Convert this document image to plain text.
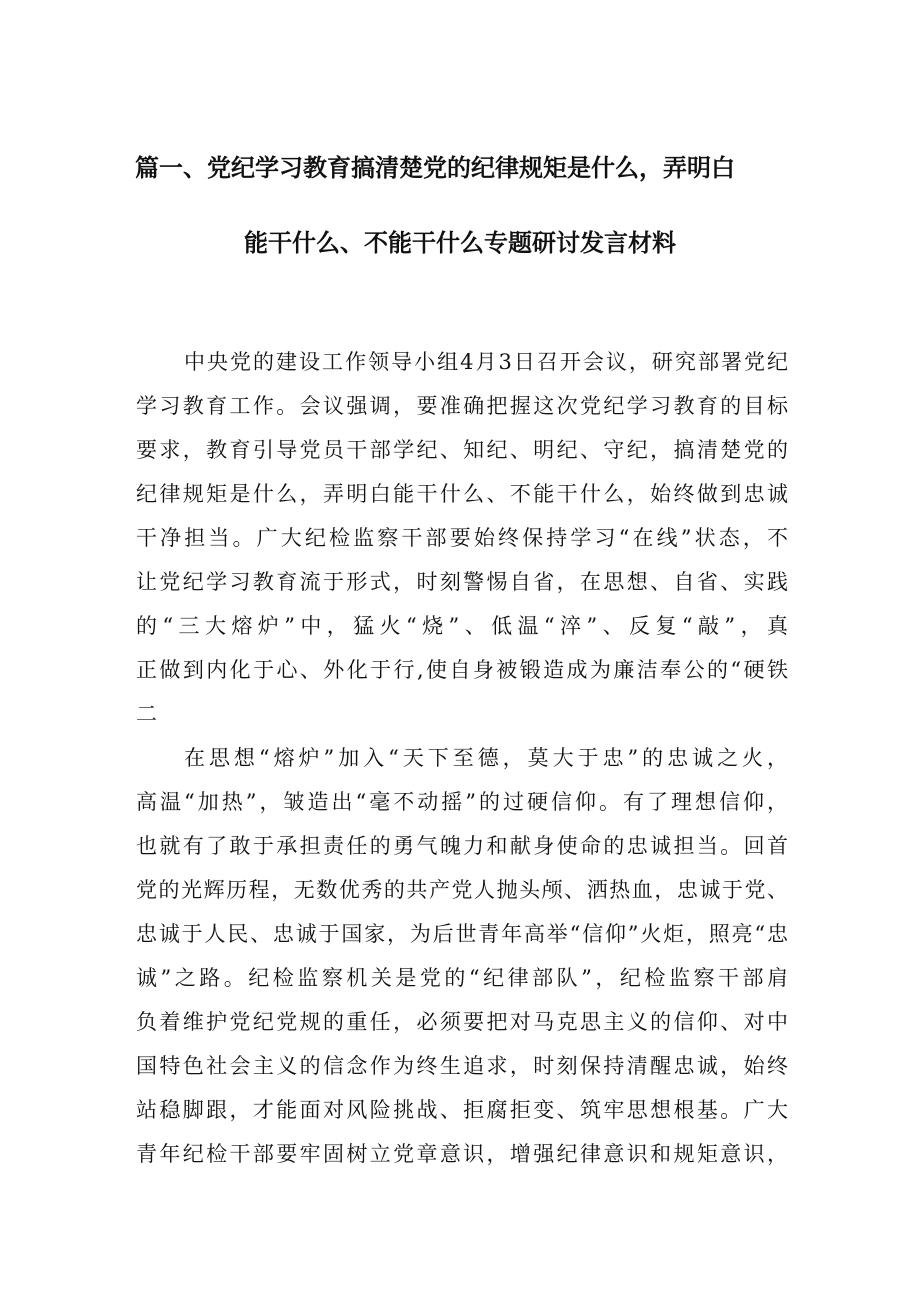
篇一、党纪学习教育搞清楚党的纪律规矩是什么，弄明白
能干什么、不能干什么专题研讨发言材料
中央党的建设工作领导小组4月3日召开会议，研究部署党纪
学习教育工作。会议强调，要准确把握这次党纪学习教育的目标
要求，教育引导党员干部学纪、知纪、明纪、守纪，搞清楚党的
纪律规矩是什么，弄明白能干什么、不能干什么，始终做到忠诚
干净担当。广大纪检监察干部要始终保持学习“在线”状态，不
让党纪学习教育流于形式，时刻警惕自省，在思想、自省、实践
的“三大熔炉”中，猛火“烧”、低温“淬”、反复“敲”，真
正做到内化于心、外化于行,使自身被锻造成为廉洁奉公的“硬铁
二
在思想“熔炉”加入“天下至德，莫大于忠”的忠诚之火，
高温“加热”，皱造出“毫不动摇”的过硬信仰。有了理想信仰，
也就有了敢于承担责任的勇气魄力和献身使命的忠诚担当。回首
党的光辉历程，无数优秀的共产党人抛头颅、洒热血，忠诚于党、
忠诚于人民、忠诚于国家，为后世青年高举“信仰”火炬，照亮“忠
诚”之路。纪检监察机关是党的“纪律部队”，纪检监察干部肩
负着维护党纪党规的重任，必须要把对马克思主义的信仰、对中
国特色社会主义的信念作为终生追求，时刻保持清醒忠诚，始终
站稳脚跟，才能面对风险挑战、拒腐拒变、筑牢思想根基。广大
青年纪检干部要牢固树立党章意识，增强纪律意识和规矩意识，
